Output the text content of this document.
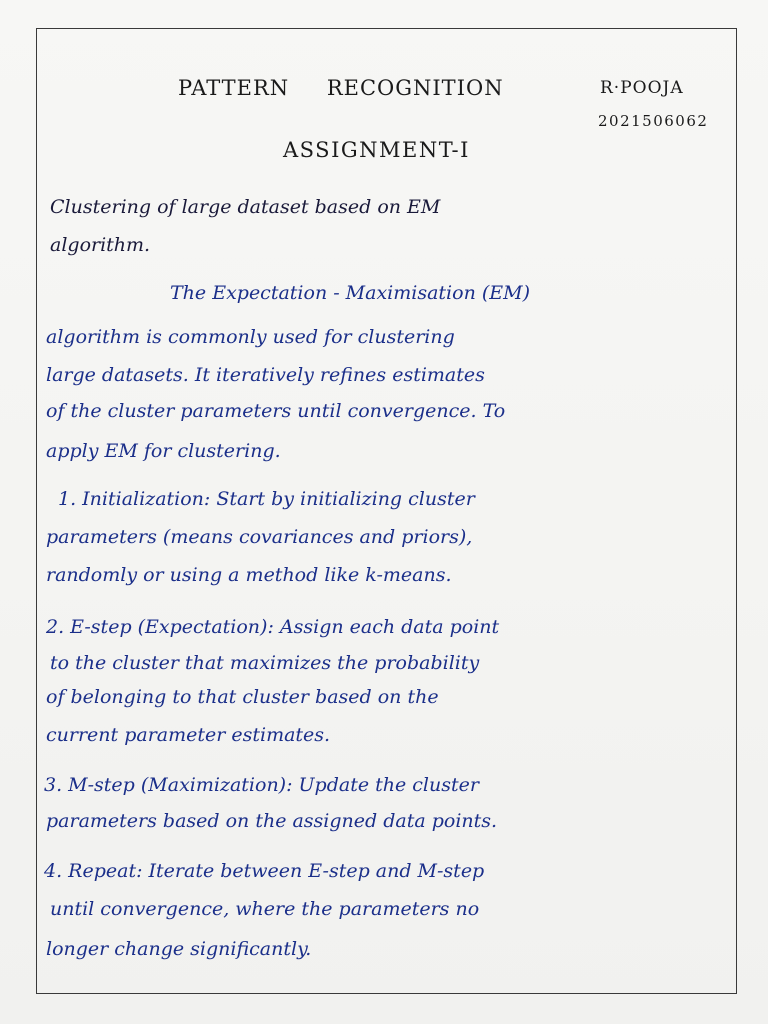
PATTERN RECOGNITION	R·POOJA
2021506062
ASSIGNMENT-I
Clustering of large dataset based on EM
algorithm.
The Expectation - Maximisation (EM)
algorithm is commonly used for clustering
large datasets. It iteratively refines estimates
of the cluster parameters until convergence. To
apply EM for clustering.
1. Initialization: Start by initializing cluster
parameters (means covariances and priors),
randomly or using a method like k-means.
2. E-step (Expectation): Assign each data point
to the cluster that maximizes the probability
of belonging to that cluster based on the
current parameter estimates.
3. M-step (Maximization): Update the cluster
parameters based on the assigned data points.
4. Repeat: Iterate between E-step and M-step
until convergence, where the parameters no
longer change significantly.
